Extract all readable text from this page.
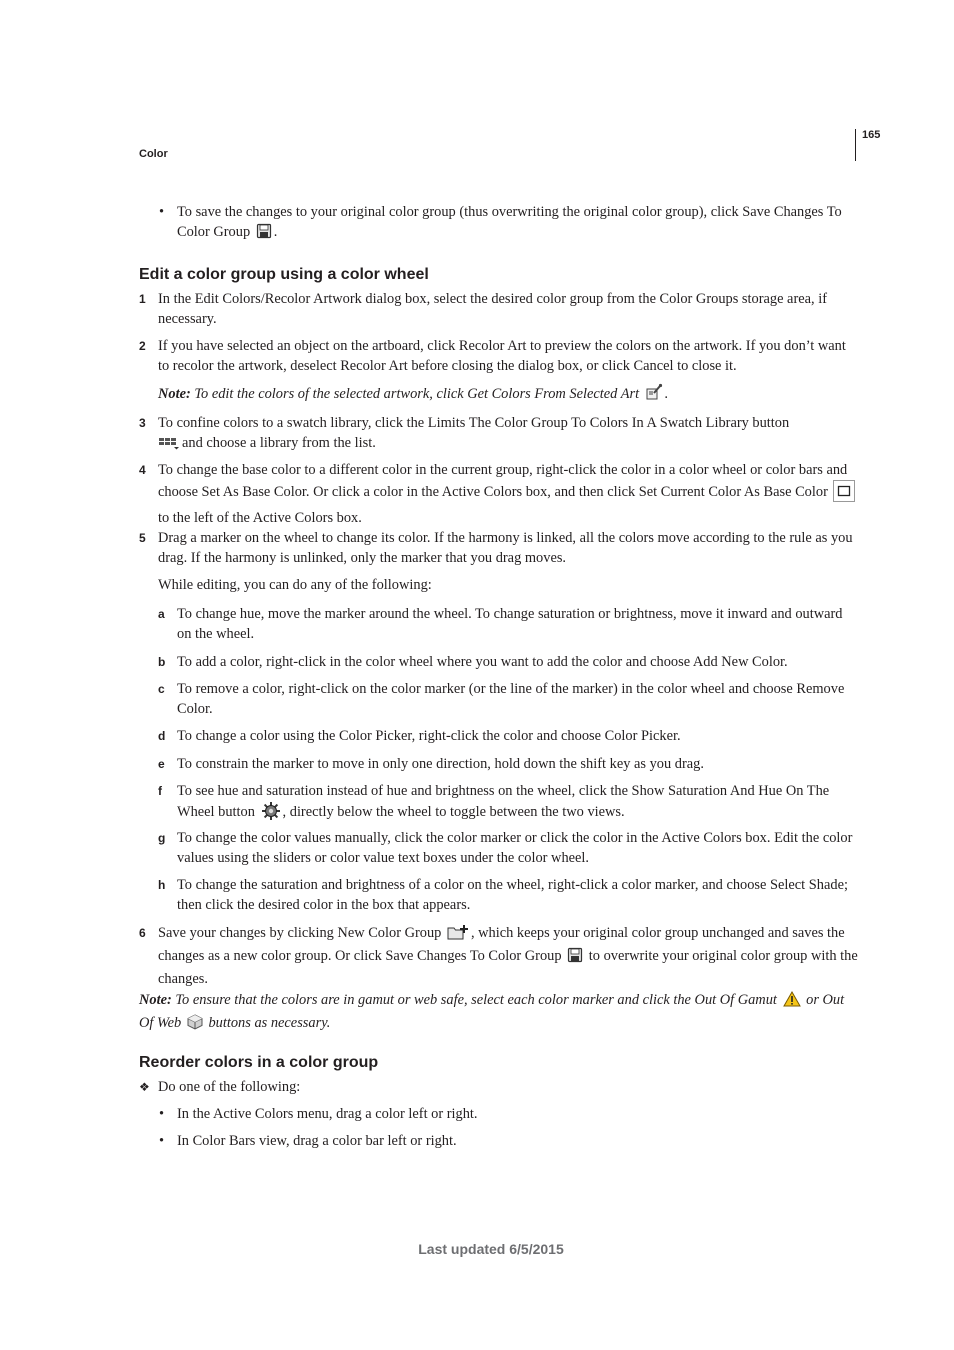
Color
165
• To save the changes to your original color group (thus overwriting the original color group), click Save Changes To Color Group .

Edit a color group using a color wheel
1 In the Edit Colors/Recolor Artwork dialog box, select the desired color group from the Color Groups storage area, if necessary.

2 If you have selected an object on the artboard, click Recolor Art to preview the colors on the artwork. If you don’t want to recolor the artwork, deselect Recolor Art before closing the dialog box, or click Cancel to close it.

Note: To edit the colors of the selected artwork, click Get Colors From Selected Art .

3 To confine colors to a swatch library, click the Limits The Color Group To Colors In A Swatch Library button
and choose a library from the list.

4 To change the base color to a different color in the current group, right-click the color in a color wheel or color bars and choose Set As Base Color. Or click a color in the Active Colors box, and then click Set Current Color As Base Color  to the left of the Active Colors box.

5 Drag a marker on the wheel to change its color. If the harmony is linked, all the colors move according to the rule as you drag. If the harmony is unlinked, only the marker that you drag moves.

While editing, you can do any of the following:

a To change hue, move the marker around the wheel. To change saturation or brightness, move it inward and outward on the wheel.

b To add a color, right-click in the color wheel where you want to add the color and choose Add New Color.

c To remove a color, right-click on the color marker (or the line of the marker) in the color wheel and choose Remove Color.

d To change a color using the Color Picker, right-click the color and choose Color Picker.

e To constrain the marker to move in only one direction, hold down the shift key as you drag.

f To see hue and saturation instead of hue and brightness on the wheel, click the Show Saturation And Hue On The Wheel button , directly below the wheel to toggle between the two views.

g To change the color values manually, click the color marker or click the color in the Active Colors box. Edit the color values using the sliders or color value text boxes under the color wheel.

h To change the saturation and brightness of a color on the wheel, right-click a color marker, and choose Select Shade; then click the desired color in the box that appears.

6 Save your changes by clicking New Color Group , which keeps your original color group unchanged and saves the changes as a new color group. Or click Save Changes To Color Group to overwrite your original color group with the changes.

Note: To ensure that the colors are in gamut or web safe, select each color marker and click the Out Of Gamut or Out Of Web buttons as necessary.

Reorder colors in a color group
❖ Do one of the following:

• In the Active Colors menu, drag a color left or right.

• In Color Bars view, drag a color bar left or right.

Last updated 6/5/2015
